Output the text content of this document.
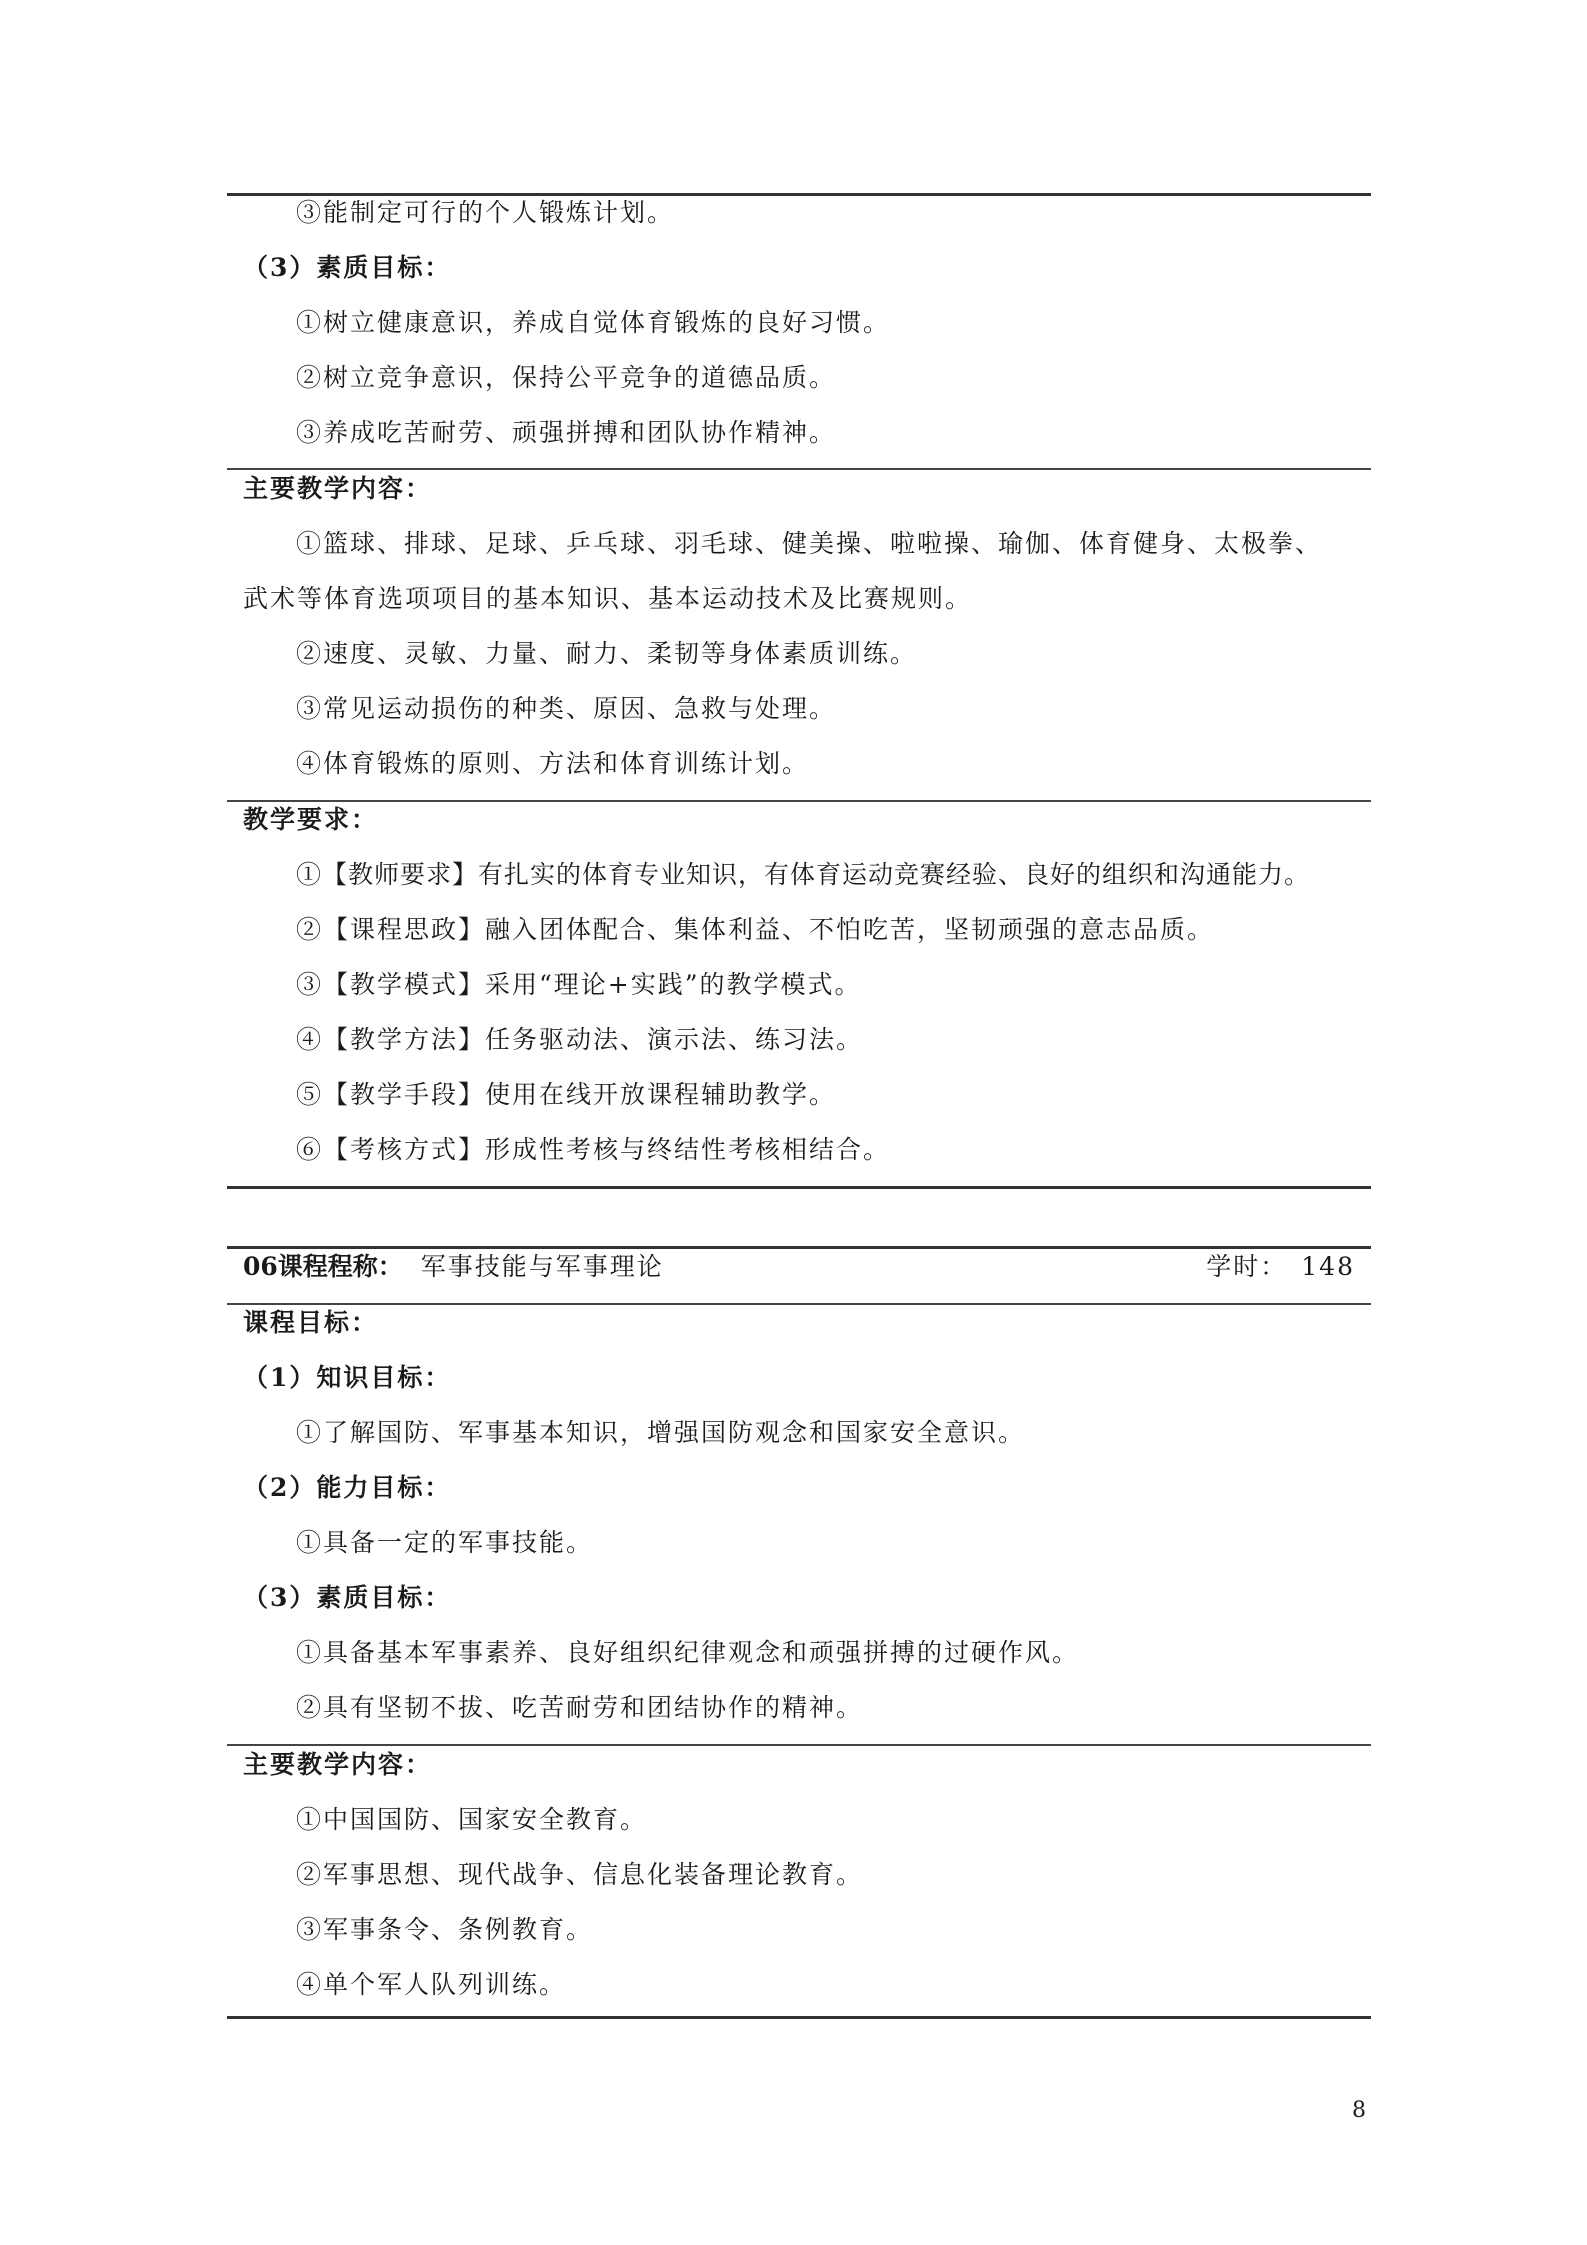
③能制定可行的个人锻炼计划。
（3）素质目标：
①树立健康意识，养成自觉体育锻炼的良好习惯。
②树立竞争意识，保持公平竞争的道德品质。
③养成吃苦耐劳、顽强拼搏和团队协作精神。
主要教学内容：
①篮球、排球、足球、乒乓球、羽毛球、健美操、啦啦操、瑜伽、体育健身、太极拳、
武术等体育选项项目的基本知识、基本运动技术及比赛规则。
②速度、灵敏、力量、耐力、柔韧等身体素质训练。
③常见运动损伤的种类、原因、急救与处理。
④体育锻炼的原则、方法和体育训练计划。
教学要求：
①【教师要求】有扎实的体育专业知识，有体育运动竞赛经验、良好的组织和沟通能力。
②【课程思政】融入团体配合、集体利益、不怕吃苦，坚韧顽强的意志品质。
③【教学模式】采用“理论+实践”的教学模式。
④【教学方法】任务驱动法、演示法、练习法。
⑤【教学手段】使用在线开放课程辅助教学。
⑥【考核方式】形成性考核与终结性考核相结合。
06课程程称： 军事技能与军事理论	学时： 148
课程目标：
（1）知识目标：
①了解国防、军事基本知识，增强国防观念和国家安全意识。
（2）能力目标：
①具备一定的军事技能。
（3）素质目标：
①具备基本军事素养、良好组织纪律观念和顽强拼搏的过硬作风。
②具有坚韧不拔、吃苦耐劳和团结协作的精神。
主要教学内容：
①中国国防、国家安全教育。
②军事思想、现代战争、信息化装备理论教育。
③军事条令、条例教育。
④单个军人队列训练。
8
